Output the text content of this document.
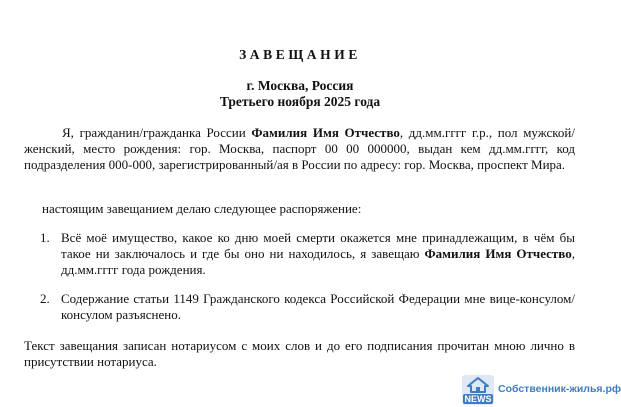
ЗАВЕЩАНИЕ
г. Москва, Россия
Третьего ноября 2025 года

Я, гражданин/гражданка России Фамилия Имя Отчество, дд.мм.гггг г.р., пол мужской/женский, место рождения: гор. Москва, паспорт 00 00 000000, выдан кем дд.мм.гггг, код подразделения 000-000, зарегистрированный/ая в России по адресу: гор. Москва, проспект Мира.

настоящим завещанием делаю следующее распоряжение:

1. Всё моё имущество, какое ко дню моей смерти окажется мне принадлежащим, в чём бы такое ни заключалось и где бы оно ни находилось, я завещаю Фамилия Имя Отчество, дд.мм.гггг года рождения.
2. Содержание статьи 1149 Гражданского кодекса Российской Федерации мне вице-консулом/консулом разъяснено.

Текст завещания записан нотариусом с моих слов и до его подписания прочитан мною лично в присутствии нотариуса.

NEWS
Собственник-жилья.рф
